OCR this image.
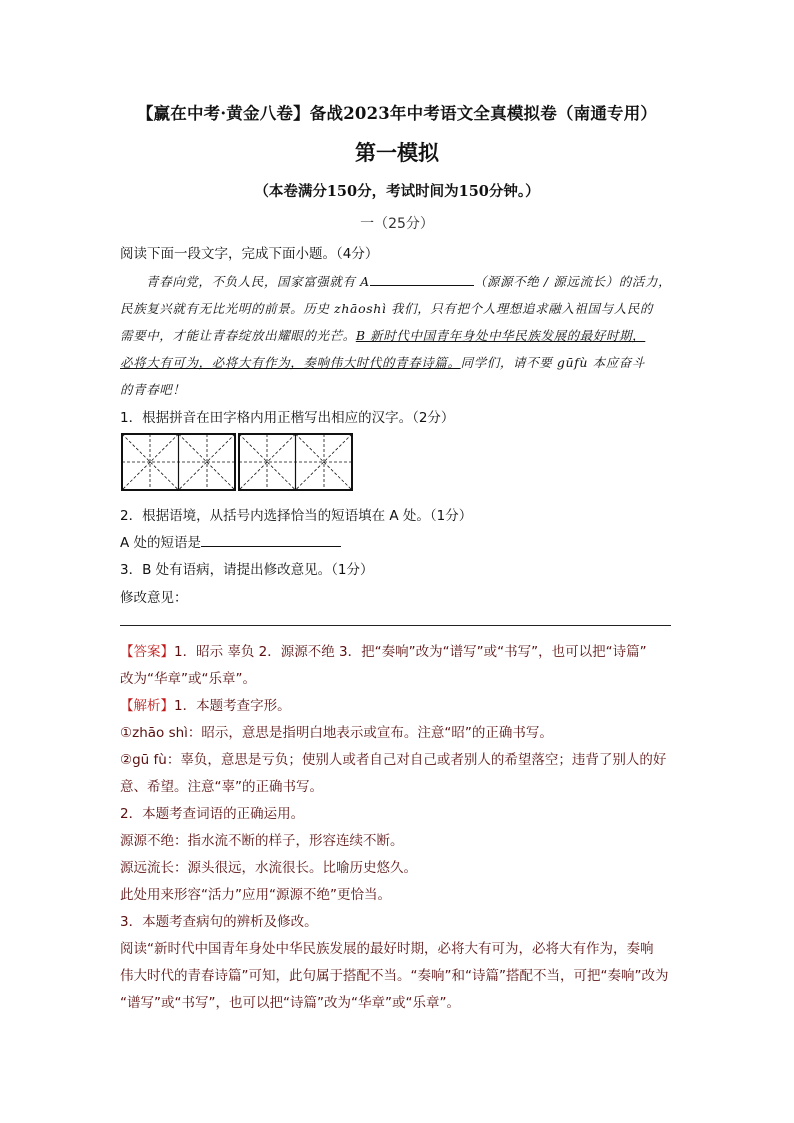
【赢在中考·黄金八卷】备战2023年中考语文全真模拟卷（南通专用）
第一模拟
（本卷满分150分，考试时间为150分钟。）
一（25分）
阅读下面一段文字，完成下面小题。（4分）
青春向党，不负人民，国家富强就有 A	（源源不绝 / 源远流长）的活力，
民族复兴就有无比光明的前景。历史 zhāoshì 我们，只有把个人理想追求融入祖国与人民的
需要中，才能让青春绽放出耀眼的光芒。B 新时代中国青年身处中华民族发展的最好时期，
必将大有可为，必将大有作为，奏响伟大时代的青春诗篇。同学们，请不要 gūfù 本应奋斗
的青春吧！
1．根据拼音在田字格内用正楷写出相应的汉字。（2分）
2．根据语境，从括号内选择恰当的短语填在 A 处。（1分）
A 处的短语是
3．B 处有语病，请提出修改意见。（1分）
修改意见：
【答案】1．昭示 辜负 2．源源不绝 3．把“奏响”改为“谱写”或“书写”，也可以把“诗篇”
改为“华章”或“乐章”。
【解析】1．本题考查字形。
①zhāo shì：昭示，意思是指明白地表示或宣布。注意“昭”的正确书写。
②gū fù：辜负，意思是亏负；使别人或者自己对自己或者别人的希望落空；违背了别人的好
意、希望。注意“辜”的正确书写。
2．本题考查词语的正确运用。
源源不绝：指水流不断的样子，形容连续不断。
源远流长：源头很远，水流很长。比喻历史悠久。
此处用来形容“活力”应用“源源不绝”更恰当。
3．本题考查病句的辨析及修改。
阅读“新时代中国青年身处中华民族发展的最好时期，必将大有可为，必将大有作为，奏响
伟大时代的青春诗篇”可知，此句属于搭配不当。“奏响”和“诗篇”搭配不当，可把“奏响”改为
“谱写”或“书写”，也可以把“诗篇”改为“华章”或“乐章”。
